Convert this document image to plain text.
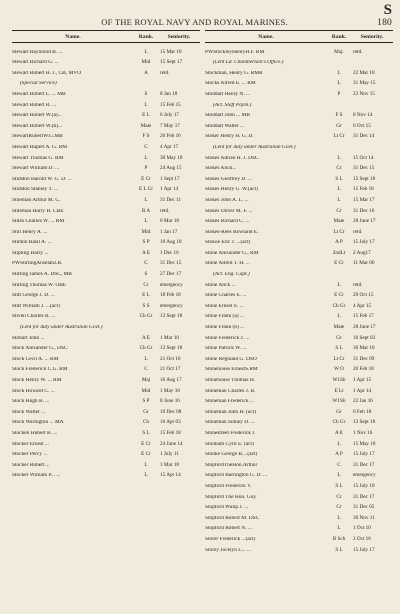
S
OF THE ROYAL NAVY AND ROYAL MARINES.	180
Name.	Rank.	Seniority.
Stewart Raymond B. ...	L	15 Mar 18
Stewart Richard G. ...	Mid	15 Sept 17
Stewart Robert H. J., CB, MVO	A	retd.
(Special Service)
Stewart Robert L. ... MB	S	8 Jan 18
Stewart Robert R. ...	L	15 Feb 15
Stewart Robert W.(a)...	E L	6 July 17
Stewart Robert W.(b)...	Mate	7 May 17
StewartRobertW.G.MB	F S	26 Feb 16
Stewart Rupert A. G. RM	C	4 Apr 17
Stewart Thomas G. RM	L	30 May 18
Stewart William D. ...	P	24 Aug 15
Stidston Harold W. G. D. ...	E Cr	1 Sept 17
Stidston Stanley T. ...	E L Cr	1 Apr 14
Stileman Arthur M. C.	L	31 Dec 11
Stileman Harry H. CBE	R A	retd.
Stiles Charles W. ... RM	L	6 Mar 18
Still Henry A. ...	Mid	1 Jan 17
Stinton Basil A. ...	S P	10 Aug 18
Stipling Harry ...	A E	1 Dec 16
PWStirlingAnselanJ.B.	C	31 Dec 15
Stirling James A. DSC, MB	S	27 Dec 17
Stirling Thomas W. OBE	Cr	emergency
Stitt George J. D. ...	E L	18 Feb 18
Stitt William J. ...(act)	S S	emergency
Stiven Charles B. ...	Ch Gr	13 Sept 18
(Lent for duty under Australian Govt.)
Stobart John ...	A E	1 Mar 10
Stock Alexander G., DSC	Ch Gr	13 Sept 18
Stock Cecil A. ... RM	L	21 Oct 16
Stock Frederick C.G. RM	C	21 Oct 17
Stock Henry W. ... RM	Maj	16 Aug 17
Stock Howard C. ...	Mid	1 May 18
Stock Hugh R. ...	S P	8 June 16
Stock Walter ...	Gr	10 Dec 08
Stock Warington ... MA	Ch	16 Apr 03
Stocken Hubert B. ...	S L	15 Feb 18
Stocker Ernest ...	E Cr	24 June 14
Stocker Percy ...	E Cr	1 July 11
Stocker Robert ...	L	1 Mar 18
Stocker William P... ...	L	15 Apr 14
Name.	Rank.	Seniority.
PWStockleyHenryH.F. RM	Maj.	retd.
(Lent Ld. Chamberlain's Office.)
Stockman, Henry G. RMR	L	22 Mar 18
Stocks Alfred E. ... RM	L	31 May 15
Stoddart Henry N. ...	P	23 Nov 15
(Act. Staff Paym.)
Stoddart John ... MB	F S	8 Nov 14
Stoddart Walter ...	Gr	6 Oct 15
Stoker Henry H. G. D.	Lt Cr	31 Dec 14
(Lent for duty under Australian Govt.)
Stokes Adrian H. J. DSC	L	15 Oct 14
Stokes Alick...	Cr	31 Dec 15
Stokes Geoffrey D. ...	S L	15 Sept 18
Stokes Henry G. W.(act)	L	15 Feb 18
Stokes John A. L. ...	L	15 Mar 17
Stokes Oliver M. F. ...	Cr	31 Dec 16
Stokes Richard C. ...	Mate	28 June 17
Stokes-Rees Rowland E.	Lt Cr	retd.
Stokoe Eric J. ...(act)	A P	15 July 17
Stone Alexander G., RM	2ndLt	2 Aug17
Stone Alfred T. H. ...	E Cr	11 Mar 06
(Act. Eng. Capt.)
Stone Alick ...	L	retd.
Stone Charles E. ...	E Cr	29 Oct 15
Stone Ernest S. ...	Ch Gr	4 Apr 15
Stone Frank (a) ...	L	15 Feb 17
Stone Frank (b) ...	Mate	28 June 17
Stone Frederick J. ...	Gr	10 Sept 03
Stone Patrick W. ...	S L	30 Mar 18
Stone Reginald G. DSO	Lt Cr	31 Dec 09
Stonehouse ErnestS.RM	W O	20 Feb 18
Stonehouse Thomas H.	W1Sh	1 Apr 15
Stoneman Charles J. B.	E Lt	1 Apr 14
Stoneman Frederick ...	W1Sh	22 Jan 16
Stoneman John H. (act)	Gr	6 Feb 18
Stoneman Sidney D. ...	Ch Gr	13 Sept 18
Stonestreet Frederick J	A E	1 Nov 16
Stonham Cyril E. (act)	L	15 May 18
Stooke George B....(act)	A P	15 July 17
StopfordTheHon.Arthur	C	31 Dec 17
Stopford Barrington G. D. ...	L	emergency
Stopford Frederick V.	S L	15 July 18
Stopford The Hon. Guy	Cr	31 Dec 17
Stopford Philip J. ...	Cr	31 Dec 05
Stopford Robert M. DSC	L	30 Nov 11
Stopford Robert N. ...	L	1 Oct 10
Storer Frederick ...(act)	B Sch	2 Oct 16
Storey Jocelyn L... ...	S L	15 July 17
